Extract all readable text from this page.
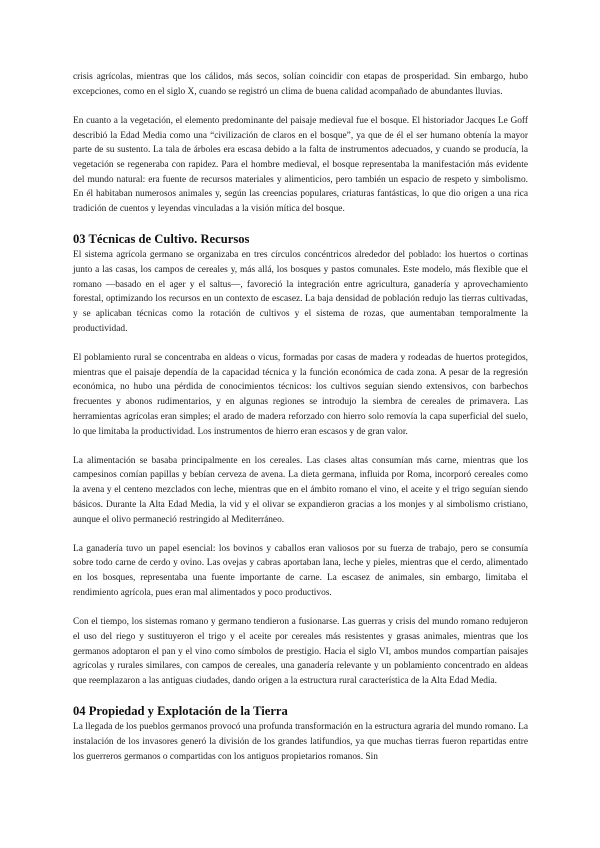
crisis agrícolas, mientras que los cálidos, más secos, solían coincidir con etapas de prosperidad. Sin embargo, hubo excepciones, como en el siglo X, cuando se registró un clima de buena calidad acompañado de abundantes lluvias.

En cuanto a la vegetación, el elemento predominante del paisaje medieval fue el bosque. El historiador Jacques Le Goff describió la Edad Media como una “civilización de claros en el bosque”, ya que de él el ser humano obtenía la mayor parte de su sustento. La tala de árboles era escasa debido a la falta de instrumentos adecuados, y cuando se producía, la vegetación se regeneraba con rapidez. Para el hombre medieval, el bosque representaba la manifestación más evidente del mundo natural: era fuente de recursos materiales y alimenticios, pero también un espacio de respeto y simbolismo. En él habitaban numerosos animales y, según las creencias populares, criaturas fantásticas, lo que dio origen a una rica tradición de cuentos y leyendas vinculadas a la visión mítica del bosque.

03 Técnicas de Cultivo. Recursos

El sistema agrícola germano se organizaba en tres círculos concéntricos alrededor del poblado: los huertos o cortinas junto a las casas, los campos de cereales y, más allá, los bosques y pastos comunales. Este modelo, más flexible que el romano —basado en el ager y el saltus—, favoreció la integración entre agricultura, ganadería y aprovechamiento forestal, optimizando los recursos en un contexto de escasez. La baja densidad de población redujo las tierras cultivadas, y se aplicaban técnicas como la rotación de cultivos y el sistema de rozas, que aumentaban temporalmente la productividad.

El poblamiento rural se concentraba en aldeas o vicus, formadas por casas de madera y rodeadas de huertos protegidos, mientras que el paisaje dependía de la capacidad técnica y la función económica de cada zona. A pesar de la regresión económica, no hubo una pérdida de conocimientos técnicos: los cultivos seguían siendo extensivos, con barbechos frecuentes y abonos rudimentarios, y en algunas regiones se introdujo la siembra de cereales de primavera. Las herramientas agrícolas eran simples; el arado de madera reforzado con hierro solo removía la capa superficial del suelo, lo que limitaba la productividad. Los instrumentos de hierro eran escasos y de gran valor.

La alimentación se basaba principalmente en los cereales. Las clases altas consumían más carne, mientras que los campesinos comían papillas y bebían cerveza de avena. La dieta germana, influida por Roma, incorporó cereales como la avena y el centeno mezclados con leche, mientras que en el ámbito romano el vino, el aceite y el trigo seguían siendo básicos. Durante la Alta Edad Media, la vid y el olivar se expandieron gracias a los monjes y al simbolismo cristiano, aunque el olivo permaneció restringido al Mediterráneo.

La ganadería tuvo un papel esencial: los bovinos y caballos eran valiosos por su fuerza de trabajo, pero se consumía sobre todo carne de cerdo y ovino. Las ovejas y cabras aportaban lana, leche y pieles, mientras que el cerdo, alimentado en los bosques, representaba una fuente importante de carne. La escasez de animales, sin embargo, limitaba el rendimiento agrícola, pues eran mal alimentados y poco productivos.

Con el tiempo, los sistemas romano y germano tendieron a fusionarse. Las guerras y crisis del mundo romano redujeron el uso del riego y sustituyeron el trigo y el aceite por cereales más resistentes y grasas animales, mientras que los germanos adoptaron el pan y el vino como símbolos de prestigio. Hacia el siglo VI, ambos mundos compartían paisajes agrícolas y rurales similares, con campos de cereales, una ganadería relevante y un poblamiento concentrado en aldeas que reemplazaron a las antiguas ciudades, dando origen a la estructura rural característica de la Alta Edad Media.

04 Propiedad y Explotación de la Tierra

La llegada de los pueblos germanos provocó una profunda transformación en la estructura agraria del mundo romano. La instalación de los invasores generó la división de los grandes latifundios, ya que muchas tierras fueron repartidas entre los guerreros germanos o compartidas con los antiguos propietarios romanos. Sin
